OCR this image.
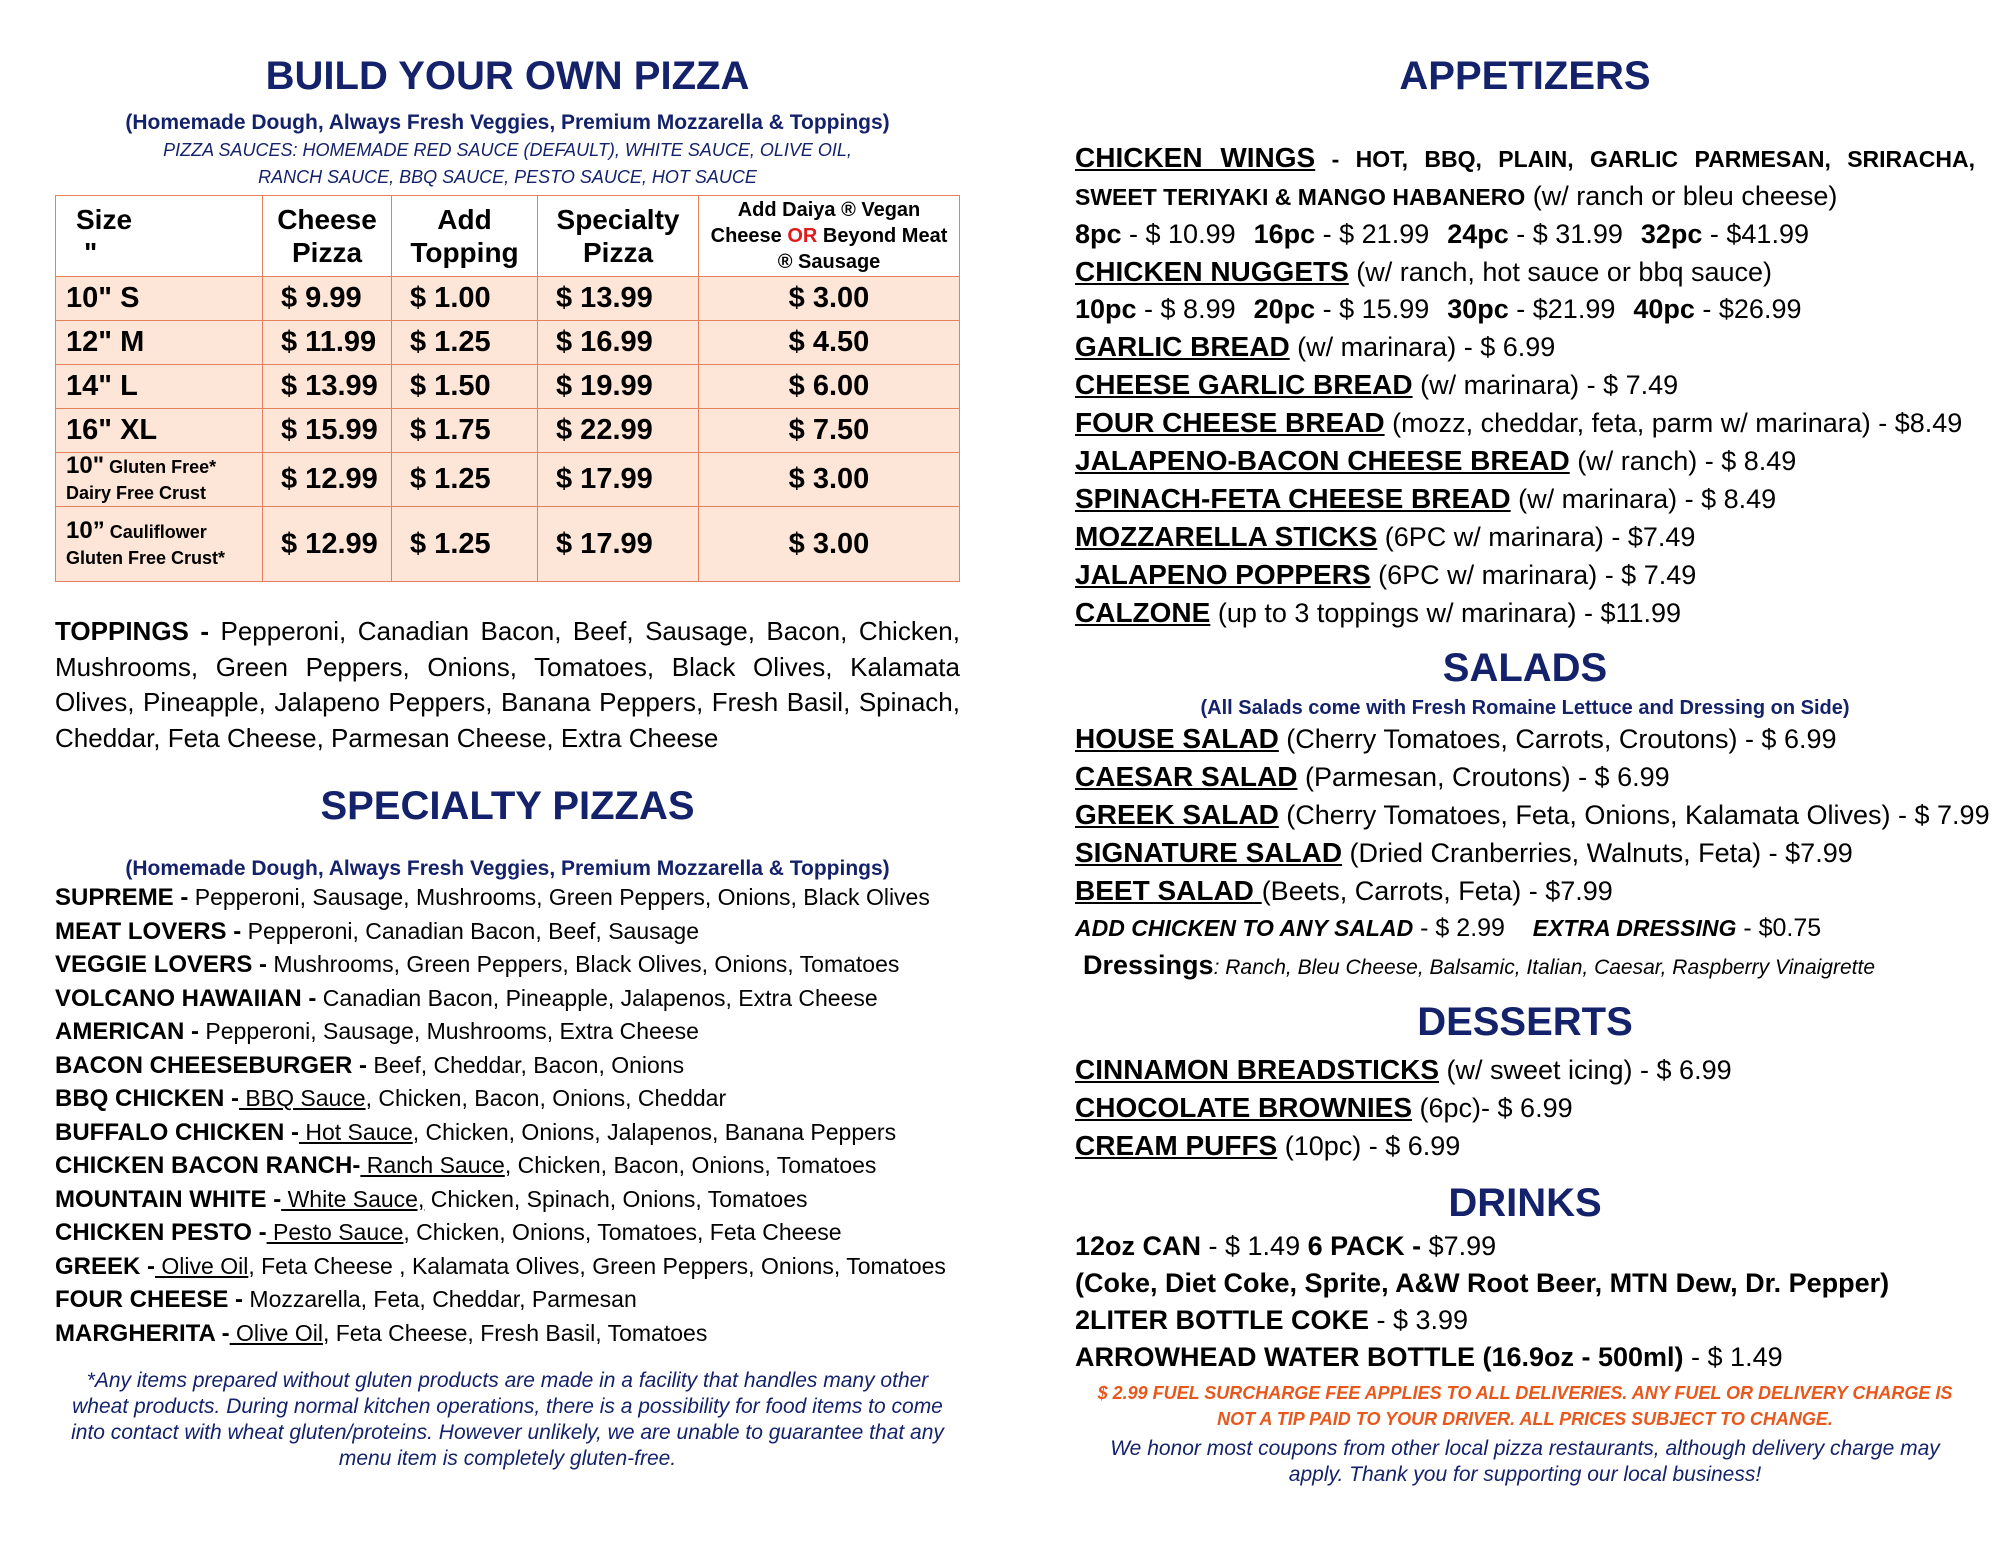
BUILD YOUR OWN PIZZA
(Homemade Dough, Always Fresh Veggies, Premium Mozzarella & Toppings)
PIZZA SAUCES: HOMEMADE RED SAUCE (DEFAULT), WHITE SAUCE, OLIVE OIL,
RANCH SAUCE, BBQ SAUCE, PESTO SAUCE, HOT SAUCE
Size
"	Cheese Pizza	Add Topping	Specialty Pizza	Add Daiya ® Vegan Cheese OR Beyond Meat ® Sausage
10" S	$ 9.99	$ 1.00	$ 13.99	$ 3.00
12" M	$ 11.99	$ 1.25	$ 16.99	$ 4.50
14" L	$ 13.99	$ 1.50	$ 19.99	$ 6.00
16" XL	$ 15.99	$ 1.75	$ 22.99	$ 7.50
10" Gluten Free*
Dairy Free Crust	$ 12.99	$ 1.25	$ 17.99	$ 3.00
10” Cauliflower
Gluten Free Crust*	$ 12.99	$ 1.25	$ 17.99	$ 3.00
TOPPINGS - Pepperoni, Canadian Bacon, Beef, Sausage, Bacon, Chicken, Mushrooms, Green Peppers, Onions, Tomatoes, Black Olives, Kalamata Olives, Pineapple, Jalapeno Peppers, Banana Peppers, Fresh Basil, Spinach, Cheddar, Feta Cheese, Parmesan Cheese, Extra Cheese
SPECIALTY PIZZAS
(Homemade Dough, Always Fresh Veggies, Premium Mozzarella & Toppings)
SUPREME - Pepperoni, Sausage, Mushrooms, Green Peppers, Onions, Black Olives
MEAT LOVERS - Pepperoni, Canadian Bacon, Beef, Sausage
VEGGIE LOVERS - Mushrooms, Green Peppers, Black Olives, Onions, Tomatoes
VOLCANO HAWAIIAN - Canadian Bacon, Pineapple, Jalapenos, Extra Cheese
AMERICAN - Pepperoni, Sausage, Mushrooms, Extra Cheese
BACON CHEESEBURGER - Beef, Cheddar, Bacon, Onions
BBQ CHICKEN - BBQ Sauce, Chicken, Bacon, Onions, Cheddar
BUFFALO CHICKEN - Hot Sauce, Chicken, Onions, Jalapenos, Banana Peppers
CHICKEN BACON RANCH- Ranch Sauce, Chicken, Bacon, Onions, Tomatoes
MOUNTAIN WHITE - White Sauce, Chicken, Spinach, Onions, Tomatoes
CHICKEN PESTO - Pesto Sauce, Chicken, Onions, Tomatoes, Feta Cheese
GREEK - Olive Oil, Feta Cheese , Kalamata Olives, Green Peppers, Onions, Tomatoes
FOUR CHEESE - Mozzarella, Feta, Cheddar, Parmesan
MARGHERITA - Olive Oil, Feta Cheese, Fresh Basil, Tomatoes
*Any items prepared without gluten products are made in a facility that handles many other wheat products. During normal kitchen operations, there is a possibility for food items to come into contact with wheat gluten/proteins. However unlikely, we are unable to guarantee that any menu item is completely gluten-free.
APPETIZERS
CHICKEN WINGS - HOT, BBQ, PLAIN, GARLIC PARMESAN, SRIRACHA, SWEET TERIYAKI & MANGO HABANERO (w/ ranch or bleu cheese)
8pc - $ 10.99 16pc - $ 21.99 24pc - $ 31.99 32pc - $41.99
CHICKEN NUGGETS (w/ ranch, hot sauce or bbq sauce)
10pc - $ 8.99 20pc - $ 15.99 30pc - $21.99 40pc - $26.99
GARLIC BREAD (w/ marinara) - $ 6.99
CHEESE GARLIC BREAD (w/ marinara) - $ 7.49
FOUR CHEESE BREAD (mozz, cheddar, feta, parm w/ marinara) - $8.49
JALAPENO-BACON CHEESE BREAD (w/ ranch) - $ 8.49
SPINACH-FETA CHEESE BREAD (w/ marinara) - $ 8.49
MOZZARELLA STICKS (6PC w/ marinara) - $7.49
JALAPENO POPPERS (6PC w/ marinara) - $ 7.49
CALZONE (up to 3 toppings w/ marinara) - $11.99
SALADS
(All Salads come with Fresh Romaine Lettuce and Dressing on Side)
HOUSE SALAD (Cherry Tomatoes, Carrots, Croutons) - $ 6.99
CAESAR SALAD (Parmesan, Croutons) - $ 6.99
GREEK SALAD (Cherry Tomatoes, Feta, Onions, Kalamata Olives) - $ 7.99
SIGNATURE SALAD (Dried Cranberries, Walnuts, Feta) - $7.99
BEET SALAD (Beets, Carrots, Feta) - $7.99
ADD CHICKEN TO ANY SALAD - $ 2.99 EXTRA DRESSING - $0.75
Dressings: Ranch, Bleu Cheese, Balsamic, Italian, Caesar, Raspberry Vinaigrette
DESSERTS
CINNAMON BREADSTICKS (w/ sweet icing) - $ 6.99
CHOCOLATE BROWNIES (6pc)- $ 6.99
CREAM PUFFS (10pc) - $ 6.99
DRINKS
12oz CAN - $ 1.49 6 PACK - $7.99
(Coke, Diet Coke, Sprite, A&W Root Beer, MTN Dew, Dr. Pepper)
2LITER BOTTLE COKE - $ 3.99
ARROWHEAD WATER BOTTLE (16.9oz - 500ml) - $ 1.49
$ 2.99 FUEL SURCHARGE FEE APPLIES TO ALL DELIVERIES. ANY FUEL OR DELIVERY CHARGE IS NOT A TIP PAID TO YOUR DRIVER. ALL PRICES SUBJECT TO CHANGE.
We honor most coupons from other local pizza restaurants, although delivery charge may apply. Thank you for supporting our local business!
